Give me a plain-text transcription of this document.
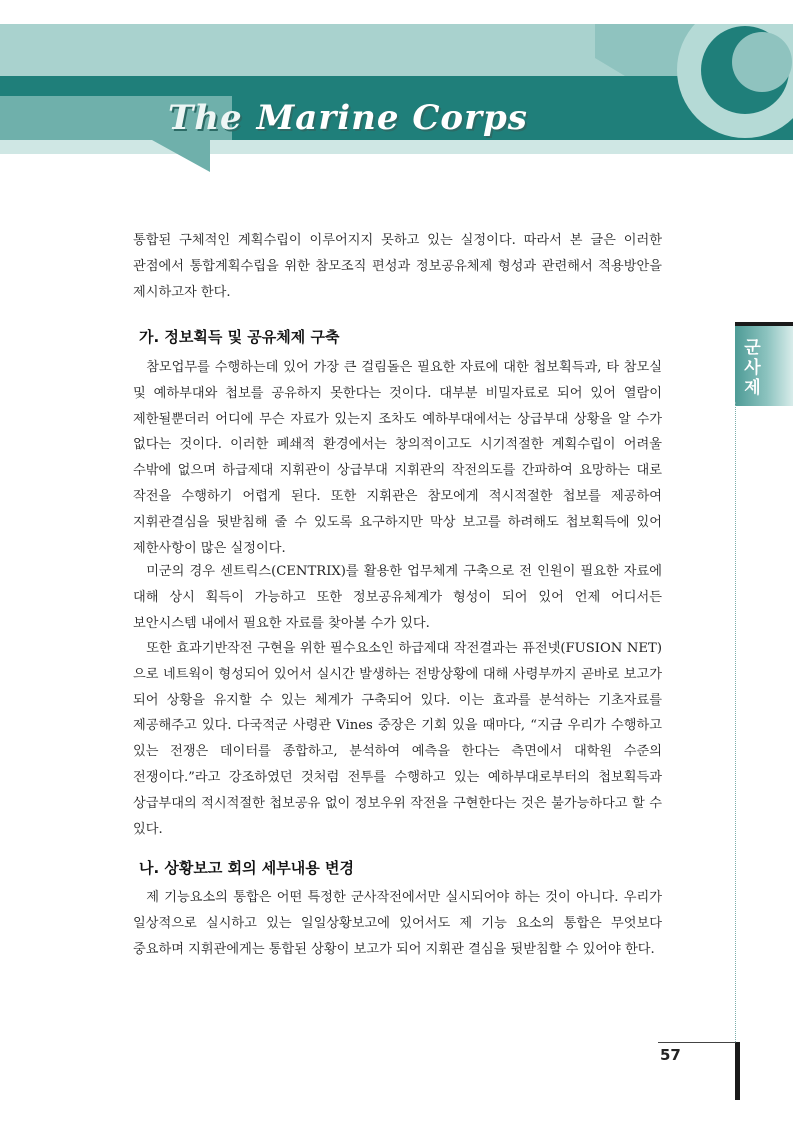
The Marine Corps
군사제언
57

통합된 구체적인 계획수립이 이루어지지 못하고 있는 실정이다. 따라서 본 글은 이러한 관점에서 통합계획수립을 위한 참모조직 편성과 정보공유체제 형성과 관련해서 적용방안을 제시하고자 한다.

가. 정보획득 및 공유체제 구축

참모업무를 수행하는데 있어 가장 큰 걸림돌은 필요한 자료에 대한 첩보획득과, 타 참모실 및 예하부대와 첩보를 공유하지 못한다는 것이다. 대부분 비밀자료로 되어 있어 열람이 제한될뿐더러 어디에 무슨 자료가 있는지 조차도 예하부대에서는 상급부대 상황을 알 수가 없다는 것이다. 이러한 폐쇄적 환경에서는 창의적이고도 시기적절한 계획수립이 어려울 수밖에 없으며 하급제대 지휘관이 상급부대 지휘관의 작전의도를 간파하여 요망하는 대로 작전을 수행하기 어렵게 된다. 또한 지휘관은 참모에게 적시적절한 첩보를 제공하여 지휘관결심을 뒷받침해 줄 수 있도록 요구하지만 막상 보고를 하려해도 첩보획득에 있어 제한사항이 많은 실정이다.

미군의 경우 센트릭스(CENTRIX)를 활용한 업무체계 구축으로 전 인원이 필요한 자료에 대해 상시 획득이 가능하고 또한 정보공유체계가 형성이 되어 있어 언제 어디서든 보안시스템 내에서 필요한 자료를 찾아볼 수가 있다.

또한 효과기반작전 구현을 위한 필수요소인 하급제대 작전결과는 퓨전넷(FUSION NET)으로 네트웍이 형성되어 있어서 실시간 발생하는 전방상황에 대해 사령부까지 곧바로 보고가 되어 상황을 유지할 수 있는 체계가 구축되어 있다. 이는 효과를 분석하는 기초자료를 제공해주고 있다. 다국적군 사령관 Vines 중장은 기회 있을 때마다, “지금 우리가 수행하고 있는 전쟁은 데이터를 종합하고, 분석하여 예측을 한다는 측면에서 대학원 수준의 전쟁이다.”라고 강조하였던 것처럼 전투를 수행하고 있는 예하부대로부터의 첩보획득과 상급부대의 적시적절한 첩보공유 없이 정보우위 작전을 구현한다는 것은 불가능하다고 할 수 있다.

나. 상황보고 회의 세부내용 변경

제 기능요소의 통합은 어떤 특정한 군사작전에서만 실시되어야 하는 것이 아니다. 우리가 일상적으로 실시하고 있는 일일상황보고에 있어서도 제 기능 요소의 통합은 무엇보다 중요하며 지휘관에게는 통합된 상황이 보고가 되어 지휘관 결심을 뒷받침할 수 있어야 한다.
